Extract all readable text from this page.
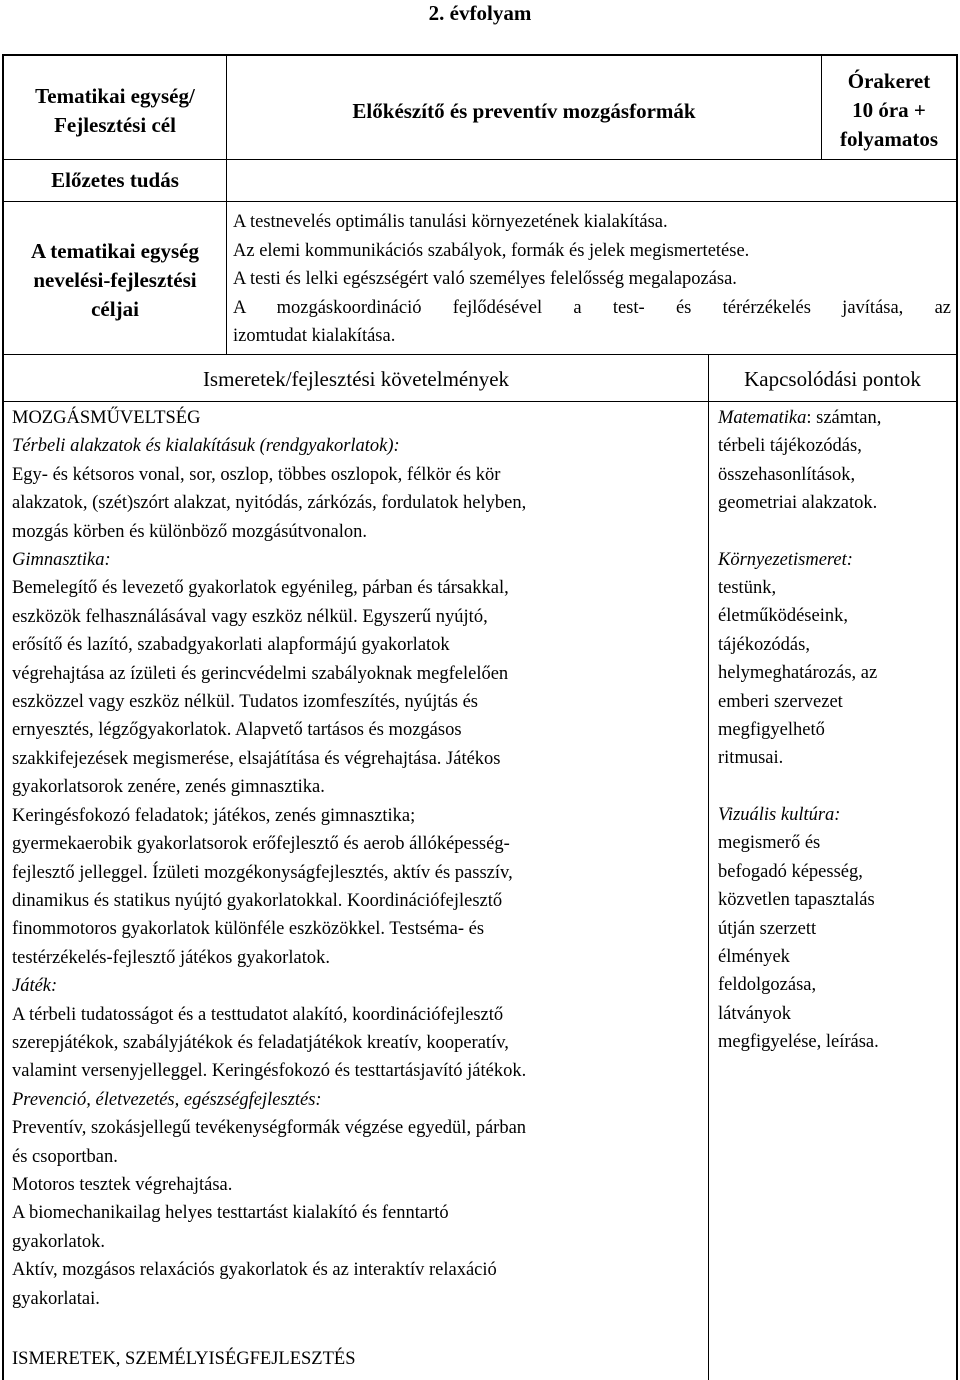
2. évfolyam
Tematikai egység/
Fejlesztési cél
Előkészítő és preventív mozgásformák
Órakeret
10 óra +
folyamatos
Előzetes tudás
A tematikai egység
nevelési-fejlesztési
céljai
A testnevelés optimális tanulási környezetének kialakítása.
Az elemi kommunikációs szabályok, formák és jelek megismertetése.
A testi és lelki egészségért való személyes felelősség megalapozása.
A mozgáskoordináció fejlődésével a test- és térérzékelés javítása, az
izomtudat kialakítása.
Ismeretek/fejlesztési követelmények	Kapcsolódási pontok
MOZGÁSMŰVELTSÉG
Térbeli alakzatok és kialakításuk (rendgyakorlatok):
Egy- és kétsoros vonal, sor, oszlop, többes oszlopok, félkör és kör
alakzatok, (szét)szórt alakzat, nyitódás, zárkózás, fordulatok helyben,
mozgás körben és különböző mozgásútvonalon.
Gimnasztika:
Bemelegítő és levezető gyakorlatok egyénileg, párban és társakkal,
eszközök felhasználásával vagy eszköz nélkül. Egyszerű nyújtó,
erősítő és lazító, szabadgyakorlati alapformájú gyakorlatok
végrehajtása az ízületi és gerincvédelmi szabályoknak megfelelően
eszközzel vagy eszköz nélkül. Tudatos izomfeszítés, nyújtás és
ernyesztés, légzőgyakorlatok. Alapvető tartásos és mozgásos
szakkifejezések megismerése, elsajátítása és végrehajtása. Játékos
gyakorlatsorok zenére, zenés gimnasztika.
Keringésfokozó feladatok; játékos, zenés gimnasztika;
gyermekaerobik gyakorlatsorok erőfejlesztő és aerob állóképesség-
fejlesztő jelleggel. Ízületi mozgékonyságfejlesztés, aktív és passzív,
dinamikus és statikus nyújtó gyakorlatokkal. Koordinációfejlesztő
finommotoros gyakorlatok különféle eszközökkel. Testséma- és
testérzékelés-fejlesztő játékos gyakorlatok.
Játék:
A térbeli tudatosságot és a testtudatot alakító, koordinációfejlesztő
szerepjátékok, szabályjátékok és feladatjátékok kreatív, kooperatív,
valamint versenyjelleggel. Keringésfokozó és testtartásjavító játékok.
Prevenció, életvezetés, egészségfejlesztés:
Preventív, szokásjellegű tevékenységformák végzése egyedül, párban
és csoportban.
Motoros tesztek végrehajtása.
A biomechanikailag helyes testtartást kialakító és fenntartó
gyakorlatok.
Aktív, mozgásos relaxációs gyakorlatok és az interaktív relaxáció
gyakorlatai.
ISMERETEK, SZEMÉLYISÉGFEJLESZTÉS
Matematika: számtan,
térbeli tájékozódás,
összehasonlítások,
geometriai alakzatok.
Környezetismeret:
testünk,
életműködéseink,
tájékozódás,
helymeghatározás, az
emberi szervezet
megfigyelhető
ritmusai.
Vizuális kultúra:
megismerő és
befogadó képesség,
közvetlen tapasztalás
útján szerzett
élmények
feldolgozása,
látványok
megfigyelése, leírása.
